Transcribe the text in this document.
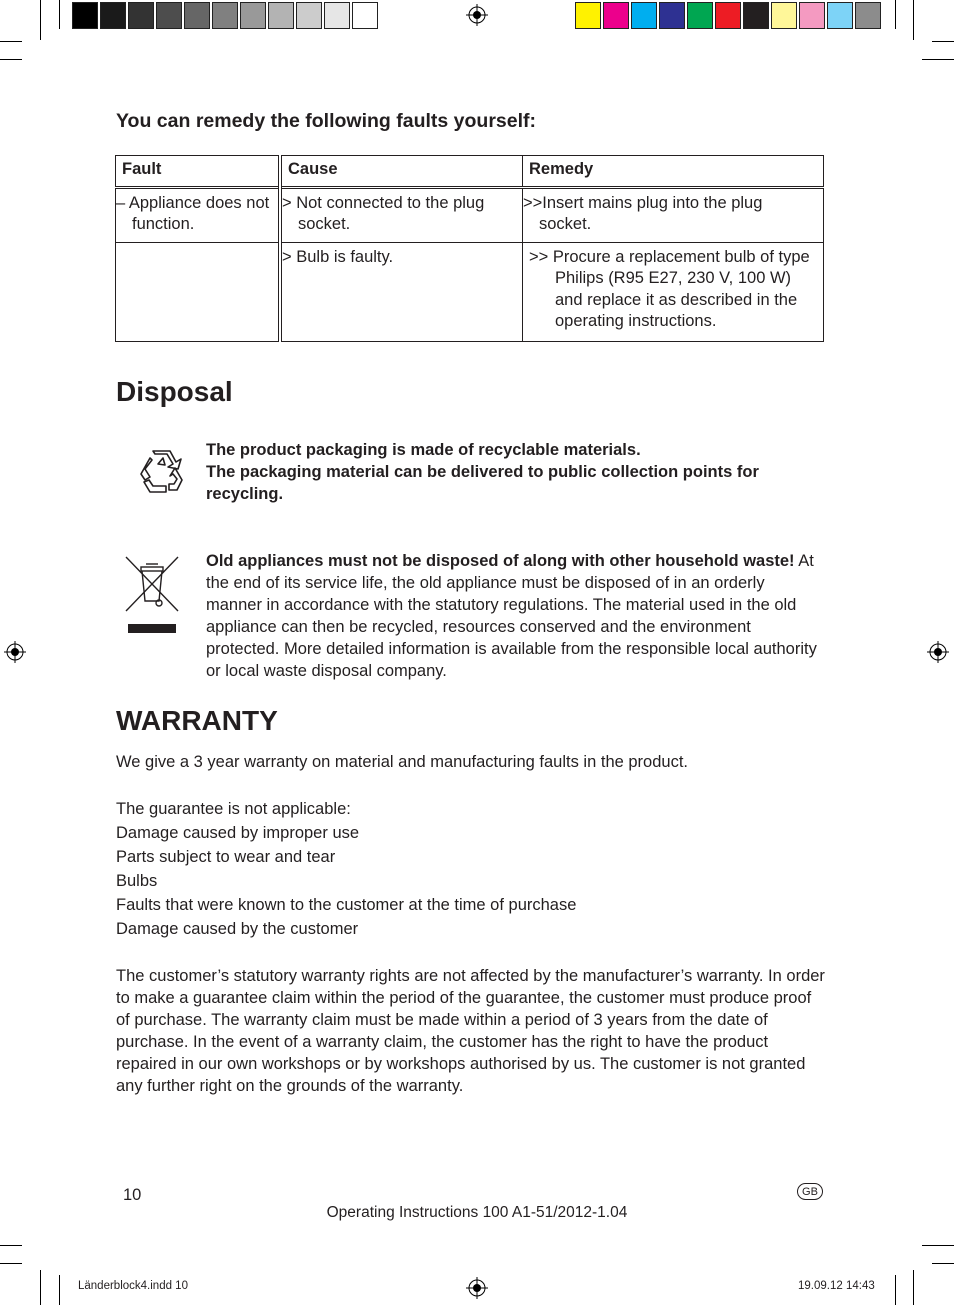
You can remedy the following faults yourself:
Fault	Cause	Remedy
– Appliance does not function.	> Not connected to the plug socket.	>>Insert mains plug into the plug socket.
	> Bulb is faulty.	>> Procure a replacement bulb of type Philips (R95 E27, 230 V, 100 W) and replace it as described in the operating instructions.
Disposal
The product packaging is made of recyclable materials.
The packaging material can be delivered to public collection points for recycling.
Old appliances must not be disposed of along with other household waste! At the end of its service life, the old appliance must be disposed of in an orderly manner in accordance with the statutory regulations. The material used in the old appliance can then be recycled, resources conserved and the environment protected. More detailed information is available from the responsible local authority or local waste disposal company.
WARRANTY
We give a 3 year warranty on material and manufacturing faults in the product.
The guarantee is not applicable:
Damage caused by improper use
Parts subject to wear and tear
Bulbs
Faults that were known to the customer at the time of purchase
Damage caused by the customer
The customer’s statutory warranty rights are not affected by the manufacturer’s warranty. In order to make a guarantee claim within the period of the guarantee, the customer must produce proof of purchase. The warranty claim must be made within a period of 3 years from the date of purchase. In the event of a warranty claim, the customer has the right to have the product repaired in our own workshops or by workshops authorised by us. The customer is not granted any further right on the grounds of the warranty.
10	GB
Operating Instructions 100 A1-51/2012-1.04
Länderblock4.indd 10	19.09.12 14:43
